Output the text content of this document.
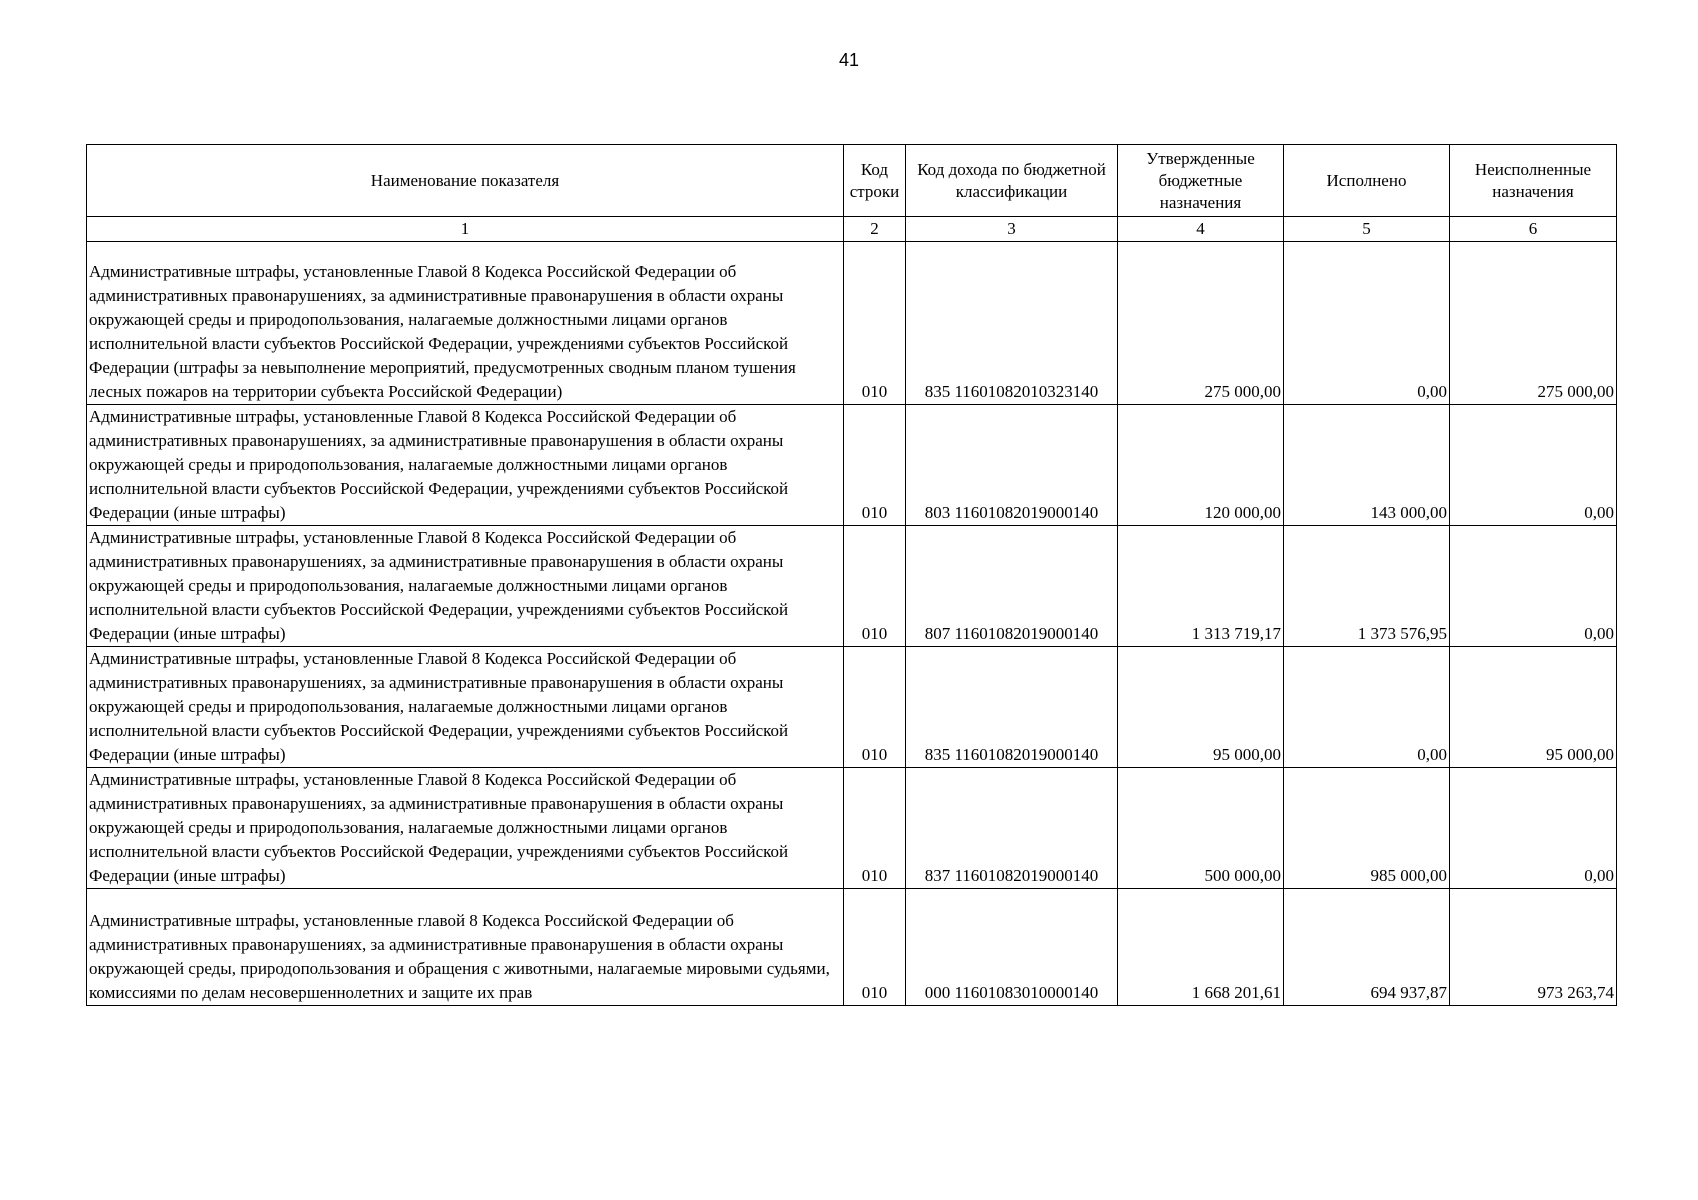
41
Наименование показателя	Код строки	Код дохода по бюджетной классификации	Утвержденные бюджетные назначения	Исполнено	Неисполненные назначения
1	2	3	4	5	6
Административные штрафы, установленные Главой 8 Кодекса Российской Федерации об административных правонарушениях, за административные правонарушения в области охраны окружающей среды и природопользования, налагаемые должностными лицами органов исполнительной власти субъектов Российской Федерации, учреждениями субъектов Российской Федерации (штрафы за невыполнение мероприятий, предусмотренных сводным планом тушения лесных пожаров на территории субъекта Российской Федерации)	010	835 11601082010323140	275 000,00	0,00	275 000,00
Административные штрафы, установленные Главой 8 Кодекса Российской Федерации об административных правонарушениях, за административные правонарушения в области охраны окружающей среды и природопользования, налагаемые должностными лицами органов исполнительной власти субъектов Российской Федерации, учреждениями субъектов Российской Федерации (иные штрафы)	010	803 11601082019000140	120 000,00	143 000,00	0,00
Административные штрафы, установленные Главой 8 Кодекса Российской Федерации об административных правонарушениях, за административные правонарушения в области охраны окружающей среды и природопользования, налагаемые должностными лицами органов исполнительной власти субъектов Российской Федерации, учреждениями субъектов Российской Федерации (иные штрафы)	010	807 11601082019000140	1 313 719,17	1 373 576,95	0,00
Административные штрафы, установленные Главой 8 Кодекса Российской Федерации об административных правонарушениях, за административные правонарушения в области охраны окружающей среды и природопользования, налагаемые должностными лицами органов исполнительной власти субъектов Российской Федерации, учреждениями субъектов Российской Федерации (иные штрафы)	010	835 11601082019000140	95 000,00	0,00	95 000,00
Административные штрафы, установленные Главой 8 Кодекса Российской Федерации об административных правонарушениях, за административные правонарушения в области охраны окружающей среды и природопользования, налагаемые должностными лицами органов исполнительной власти субъектов Российской Федерации, учреждениями субъектов Российской Федерации (иные штрафы)	010	837 11601082019000140	500 000,00	985 000,00	0,00
Административные штрафы, установленные главой 8 Кодекса Российской Федерации об административных правонарушениях, за административные правонарушения в области охраны окружающей среды, природопользования и обращения с животными, налагаемые мировыми судьями, комиссиями по делам несовершеннолетних и защите их прав	010	000 11601083010000140	1 668 201,61	694 937,87	973 263,74
